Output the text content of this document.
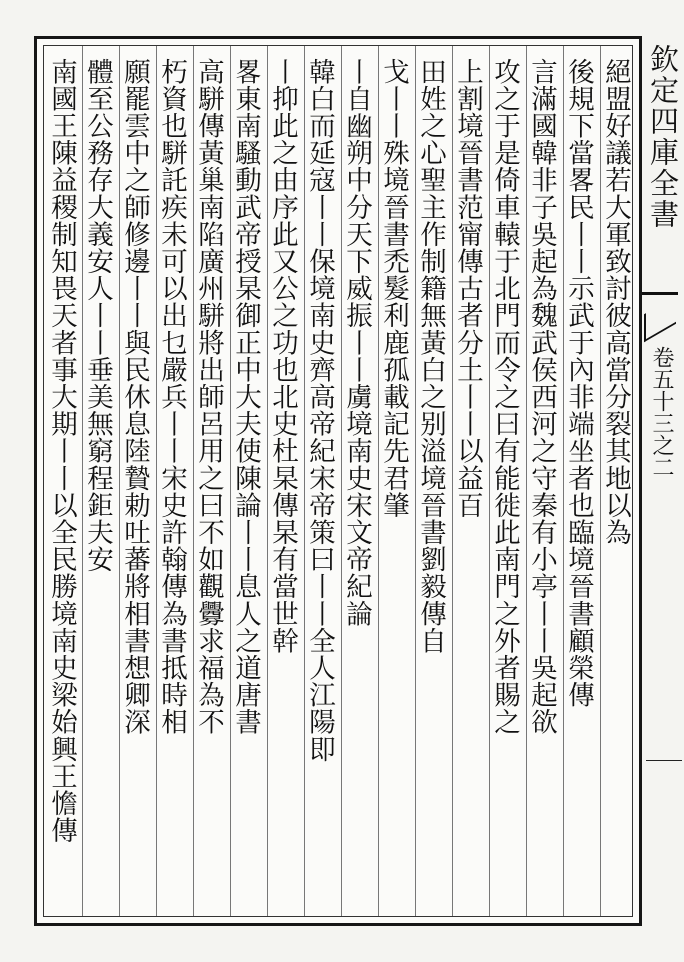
絕盟好議若大軍致討彼高當分裂其地以為
後規下當畧民丨丨示武于內非端坐者也臨境晉書顧榮傳
言滿國韓非子吳起為魏武侯西河之守秦有小亭丨丨吳起欲
攻之于是倚車轅于北門而令之曰有能徙此南門之外者賜之
上割境晉書范甯傳古者分土丨丨以益百
田姓之心聖主作制籍無黃白之别溢境晉書劉毅傳自
戈丨丨殊境晉書禿髮利鹿孤載記先君肇
丨自幽朔中分天下威振丨丨虜境南史宋文帝紀論
韓白而延寇丨丨保境南史齊高帝紀宋帝策曰丨丨全人江陽即
丨抑此之由序此又公之功也北史杜杲傳杲有當世幹
畧東南騷動武帝授杲御正中大夫使陳論丨丨息人之道唐書
高駢傳黃巢南陷廣州駢將出師呂用之曰不如觀釁求福為不
朽資也駢託疾未可以出乜嚴兵丨丨宋史許翰傳為書抵時相
願罷雲中之師修邊丨丨與民休息陸贄勅吐蕃將相書想卿深
體至公務存大義安人丨丨垂美無窮程鉅夫安
南國王陳益稷制知畏天者事大期丨丨以全民勝境南史梁始興王憺傳	欽定四庫全書
卷五十三之二
